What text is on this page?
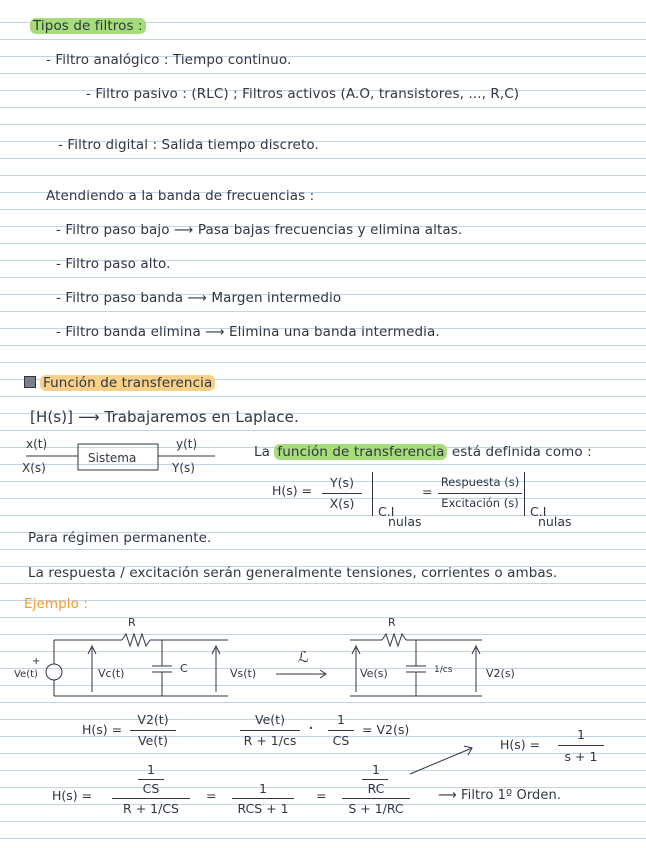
Tipos de filtros :
- Filtro analógico : Tiempo continuo.
- Filtro pasivo : (RLC) ; Filtros activos (A.O, transistores, ..., R,C)
- Filtro digital : Salida tiempo discreto.
Atendiendo a la banda de frecuencias :
- Filtro paso bajo ⟶ Pasa bajas frecuencias y elimina altas.
- Filtro paso alto.
- Filtro paso banda ⟶ Margen intermedio
- Filtro banda elimina ⟶ Elimina una banda intermedia.
Función de transferencia
[H(s)] ⟶ Trabajaremos en Laplace.
x(t)
X(s)
Sistema
y(t)
Y(s)
La función de transferencia está definida como :
H(s) =
Y(s)
X(s)
C.I
nulas
=
Respuesta (s)
Excitación (s)
C.I
nulas
Para régimen permanente.
La respuesta / excitación serán generalmente tensiones, corrientes o ambas.
Ejemplo :
+
Ve(t)
R
C
Vc(t)	Vs(t)
ℒ
R
1/cs
Ve(s)	V2(s)
H(s) =
V2(t)
Ve(t)
Ve(t)
R + 1/cs
·	1
CS
= V2(s)
H(s) =
1
s + 1
H(s) =
1
CS
R + 1/CS
=	1
RCS + 1
=
1
RC
S + 1/RC
⟶ Filtro 1º Orden.
